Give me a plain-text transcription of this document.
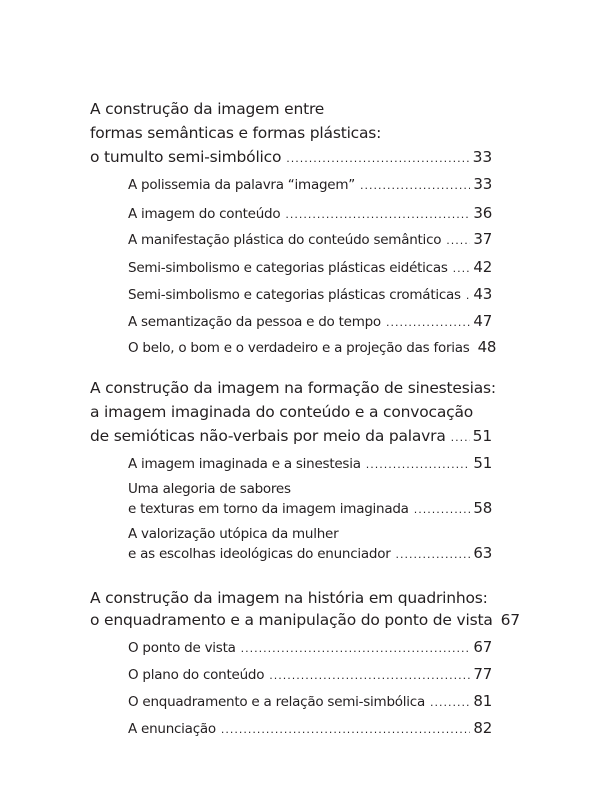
A construção da imagem entre
formas semânticas e formas plásticas:
o tumulto semi-simbólico .....	33
A polissemia da palavra “imagem” .....	33
A imagem do conteúdo .....	36
A manifestação plástica do conteúdo semântico ..... 37
Semi-simbolismo e categorias plásticas eidéticas ..... 42
Semi-simbolismo e categorias plásticas cromáticas ..... 43
A semantização da pessoa e do tempo .....	47
O belo, o bom e o verdadeiro e a projeção das forias 48
A construção da imagem na formação de sinestesias:
a imagem imaginada do conteúdo e a convocação
de semióticas não-verbais por meio da palavra ..... 51
A imagem imaginada e a sinestesia .....	51
Uma alegoria de sabores
e texturas em torno da imagem imaginada .....	58
A valorização utópica da mulher
e as escolhas ideológicas do enunciador .....	63
A construção da imagem na história em quadrinhos:
o enquadramento e a manipulação do ponto de vista 67
O ponto de vista .....	67
O plano do conteúdo .....	77
O enquadramento e a relação semi-simbólica .....	81
A enunciação .....	82
